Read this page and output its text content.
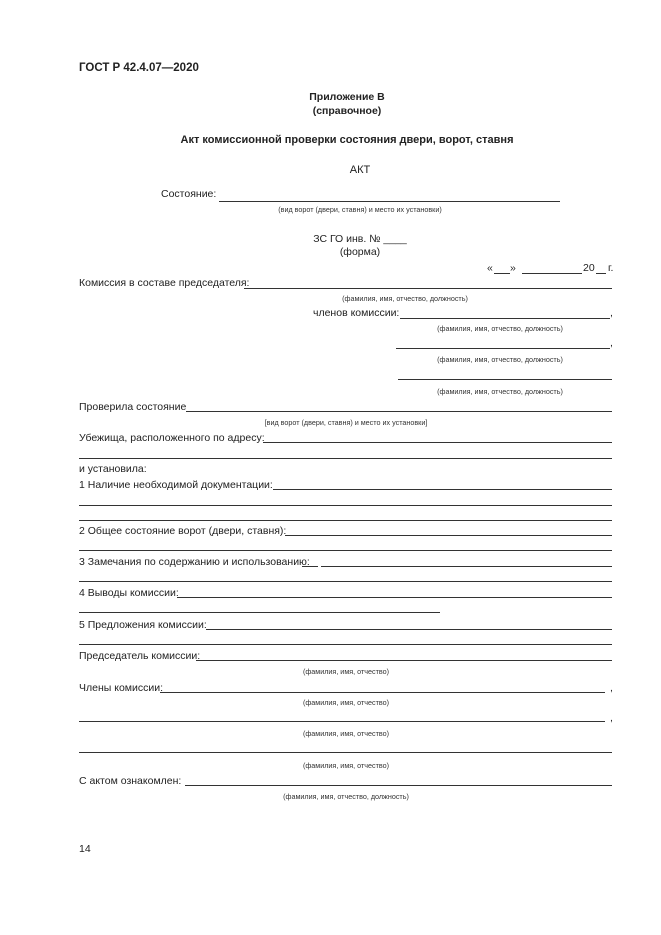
ГОСТ Р 42.4.07—2020
Приложение В
(справочное)
Акт комиссионной проверки состояния двери, ворот, ставня
АКТ
Состояние:
(вид ворот (двери, ставня) и место их установки)
ЗС ГО инв. № ____
(форма)
« »	20 г.
Комиссия в составе председателя:
(фамилия, имя, отчество, должность)
членов комиссии:	,
(фамилия, имя, отчество, должность)
,
(фамилия, имя, отчество, должность)
(фамилия, имя, отчество, должность)
Проверила состояние
[вид ворот (двери, ставня) и место их установки]
Убежища, расположенного по адресу:
и установила:
1 Наличие необходимой документации:
2 Общее состояние ворот (двери, ставня):
3 Замечания по содержанию и использованию:
4 Выводы комиссии:
5 Предложения комиссии:
Председатель комиссии:
(фамилия, имя, отчество)
Члены комиссии:	,
(фамилия, имя, отчество)
,
(фамилия, имя, отчество)
(фамилия, имя, отчество)
С актом ознакомлен:
(фамилия, имя, отчество, должность)
14
